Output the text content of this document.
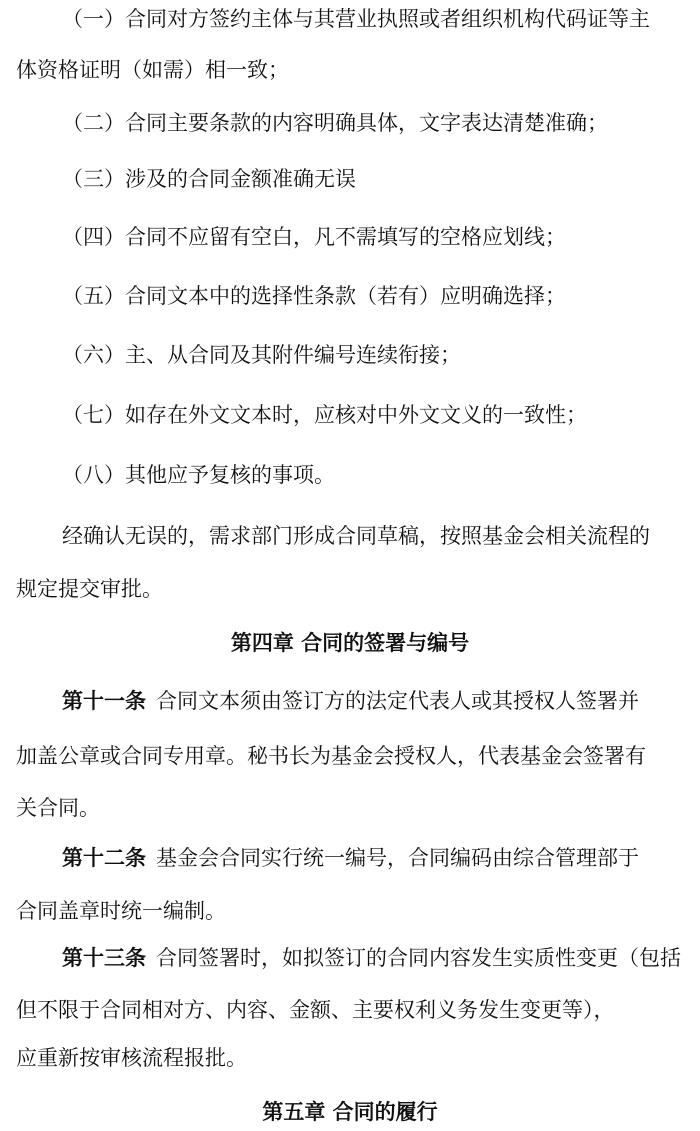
（一）合同对方签约主体与其营业执照或者组织机构代码证等主
体资格证明（如需）相一致；
（二）合同主要条款的内容明确具体，文字表达清楚准确；
（三）涉及的合同金额准确无误
（四）合同不应留有空白，凡不需填写的空格应划线；
（五）合同文本中的选择性条款（若有）应明确选择；
（六）主、从合同及其附件编号连续衔接；
（七）如存在外文文本时，应核对中外文文义的一致性；
（八）其他应予复核的事项。
经确认无误的，需求部门形成合同草稿，按照基金会相关流程的
规定提交审批。
第四章 合同的签署与编号
第十一条 合同文本须由签订方的法定代表人或其授权人签署并
加盖公章或合同专用章。秘书长为基金会授权人，代表基金会签署有
关合同。
第十二条 基金会合同实行统一编号，合同编码由综合管理部于
合同盖章时统一编制。
第十三条 合同签署时，如拟签订的合同内容发生实质性变更（包括
但不限于合同相对方、内容、金额、主要权利义务发生变更等），
应重新按审核流程报批。
第五章 合同的履行
